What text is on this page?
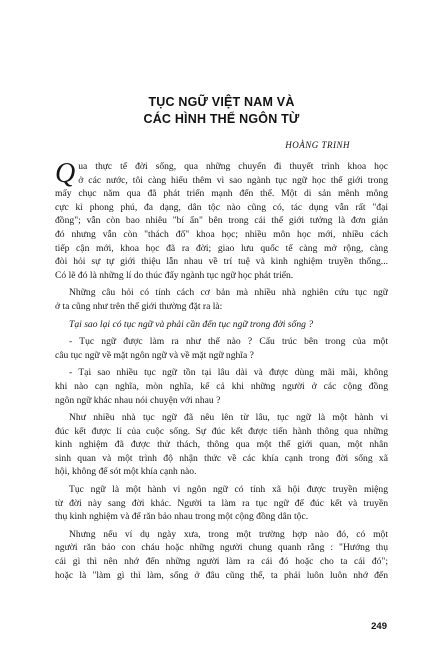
TỤC NGỮ VIỆT NAM VÀ
CÁC HÌNH THỂ NGÔN TỪ
HOÀNG TRINH

Q ua thực tế đời sống, qua những chuyến đi thuyết trình khoa học
ở các nước, tôi càng hiểu thêm vì sao ngành tục ngữ học thế giới trong
mấy chục năm qua đã phát triển mạnh đến thế. Một di sản mênh mông
cực kì phong phú, đa dạng, dân tộc nào cũng có, tác dụng vẫn rất "đại
đồng"; vẫn còn bao nhiêu "bí ẩn" bên trong cái thế giới tưởng là đơn giản
đó nhưng vẫn còn "thách đố" khoa học; nhiều môn học mới, nhiều cách
tiếp cận mới, khoa học đã ra đời; giao lưu quốc tế càng mở rộng, càng
đòi hỏi sự tự giới thiệu lẫn nhau về trí tuệ và kinh nghiệm truyền thống...
Có lẽ đó là những lí do thúc đẩy ngành tục ngữ học phát triển.

Những câu hỏi có tính cách cơ bản mà nhiều nhà nghiên cứu tục ngữ
ở ta cũng như trên thế giới thường đặt ra là:

Tại sao lại có tục ngữ và phải cần đến tục ngữ trong đời sống ?

- Tục ngữ được làm ra như thế nào ? Cấu trúc bên trong của một
câu tục ngữ về mặt ngôn ngữ và về mặt ngữ nghĩa ?

- Tại sao nhiều tục ngữ tồn tại lâu dài và được dùng mãi mãi, không
khi nào cạn nghĩa, mòn nghĩa, kể cả khi những người ở các cộng đồng
ngôn ngữ khác nhau nói chuyện với nhau ?

Như nhiều nhà tục ngữ đã nêu lên từ lâu, tục ngữ là một hành vi
đúc kết được lí của cuộc sống. Sự đúc kết được tiến hành thông qua những
kinh nghiệm đã được thử thách, thông qua một thế giới quan, một nhân
sinh quan và một trình độ nhận thức về các khía cạnh trong đời sống xã
hội, không để sót một khía cạnh nào.

Tục ngữ là một hành vi ngôn ngữ có tính xã hội được truyền miệng
từ đời này sang đời khác. Người ta làm ra tục ngữ để đúc kết và truyền
thụ kinh nghiệm và để răn bảo nhau trong một cộng đồng dân tộc.

Nhưng nếu ví dụ ngày xưa, trong một trường hợp nào đó, có một
người răn bảo con cháu hoặc những người chung quanh rằng : "Hướng thụ
cái gì thì nên nhớ đến những người làm ra cái đó hoặc cho ta cái đó";
hoặc là "làm gì thì làm, sống ở đâu cũng thế, ta phải luôn luôn nhớ đến

249
